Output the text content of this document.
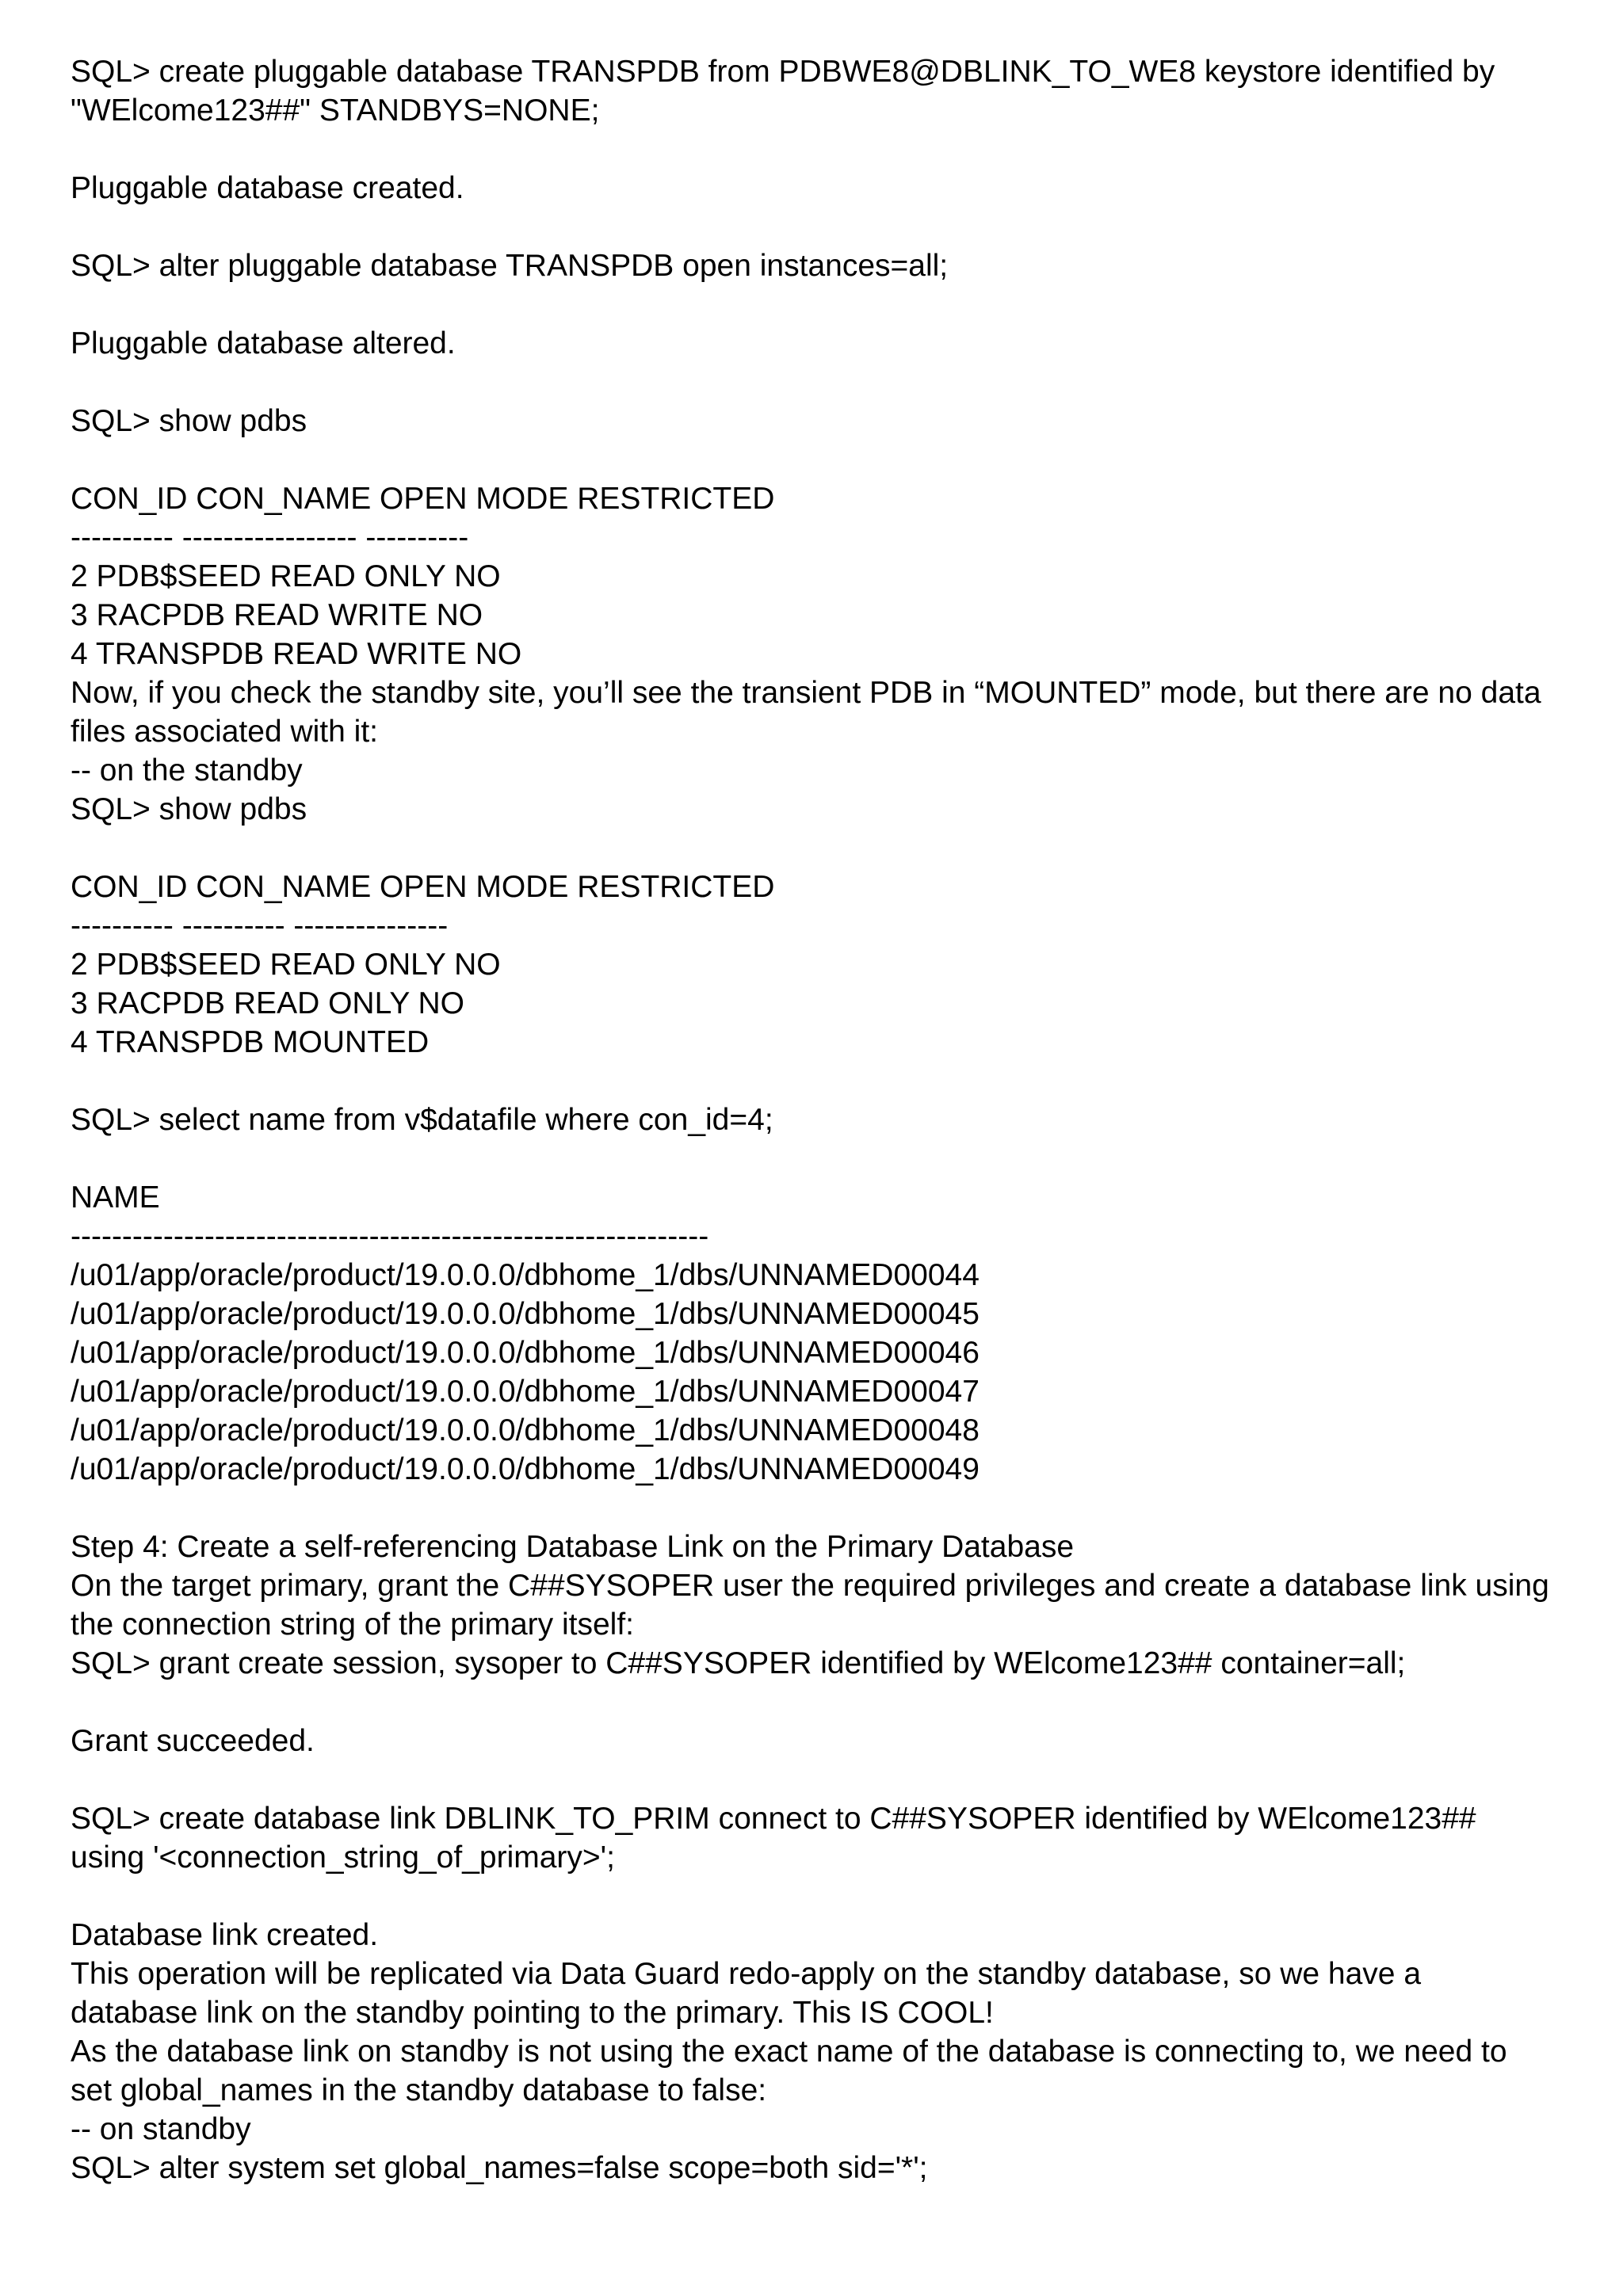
SQL> create pluggable database TRANSPDB from PDBWE8@DBLINK_TO_WE8 keystore identified by
"WElcome123##" STANDBYS=NONE;
Pluggable database created.
SQL> alter pluggable database TRANSPDB open instances=all;
Pluggable database altered.
SQL> show pdbs
CON_ID CON_NAME OPEN MODE RESTRICTED
---------- ----------------- ----------
2 PDB$SEED READ ONLY NO
3 RACPDB READ WRITE NO
4 TRANSPDB READ WRITE NO
Now, if you check the standby site, you’ll see the transient PDB in “MOUNTED” mode, but there are no data
files associated with it:
-- on the standby
SQL> show pdbs
CON_ID CON_NAME OPEN MODE RESTRICTED
---------- ---------- ---------------
2 PDB$SEED READ ONLY NO
3 RACPDB READ ONLY NO
4 TRANSPDB MOUNTED
SQL> select name from v$datafile where con_id=4;
NAME
--------------------------------------------------------------
/u01/app/oracle/product/19.0.0.0/dbhome_1/dbs/UNNAMED00044
/u01/app/oracle/product/19.0.0.0/dbhome_1/dbs/UNNAMED00045
/u01/app/oracle/product/19.0.0.0/dbhome_1/dbs/UNNAMED00046
/u01/app/oracle/product/19.0.0.0/dbhome_1/dbs/UNNAMED00047
/u01/app/oracle/product/19.0.0.0/dbhome_1/dbs/UNNAMED00048
/u01/app/oracle/product/19.0.0.0/dbhome_1/dbs/UNNAMED00049
Step 4: Create a self-referencing Database Link on the Primary Database
On the target primary, grant the C##SYSOPER user the required privileges and create a database link using
the connection string of the primary itself:
SQL> grant create session, sysoper to C##SYSOPER identified by WElcome123## container=all;
Grant succeeded.
SQL> create database link DBLINK_TO_PRIM connect to C##SYSOPER identified by WElcome123##
using '<connection_string_of_primary>';
Database link created.
This operation will be replicated via Data Guard redo-apply on the standby database, so we have a
database link on the standby pointing to the primary. This IS COOL!
As the database link on standby is not using the exact name of the database is connecting to, we need to
set global_names in the standby database to false:
-- on standby
SQL> alter system set global_names=false scope=both sid='*';
